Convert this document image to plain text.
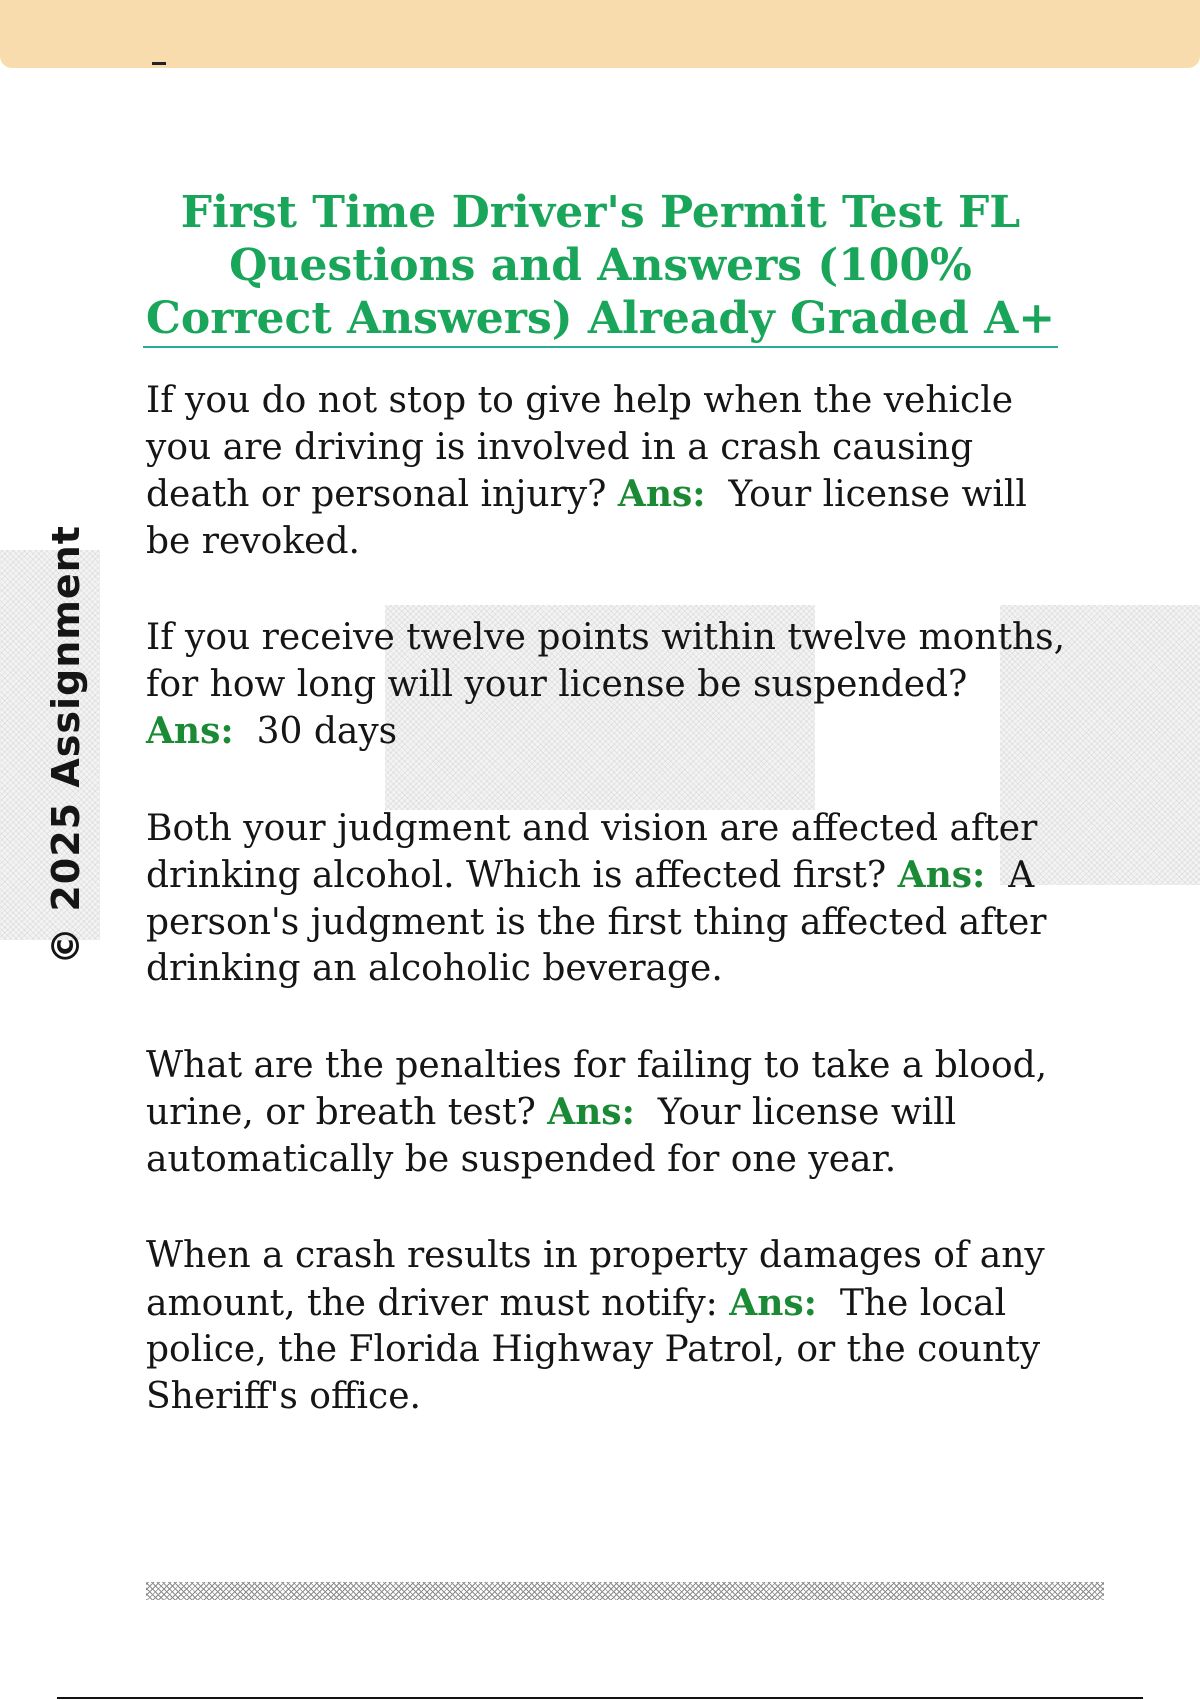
© 2025 Assignment
First Time Driver's Permit Test FL Questions and Answers (100% Correct Answers) Already Graded A+

If you do not stop to give help when the vehicle you are driving is involved in a crash causing death or personal injury? Ans: Your license will be revoked.

If you receive twelve points within twelve months, for how long will your license be suspended? Ans: 30 days

Both your judgment and vision are affected after drinking alcohol. Which is affected first? Ans: A person's judgment is the first thing affected after drinking an alcoholic beverage.

What are the penalties for failing to take a blood, urine, or breath test? Ans: Your license will automatically be suspended for one year.

When a crash results in property damages of any amount, the driver must notify: Ans: The local police, the Florida Highway Patrol, or the county Sheriff's office.
